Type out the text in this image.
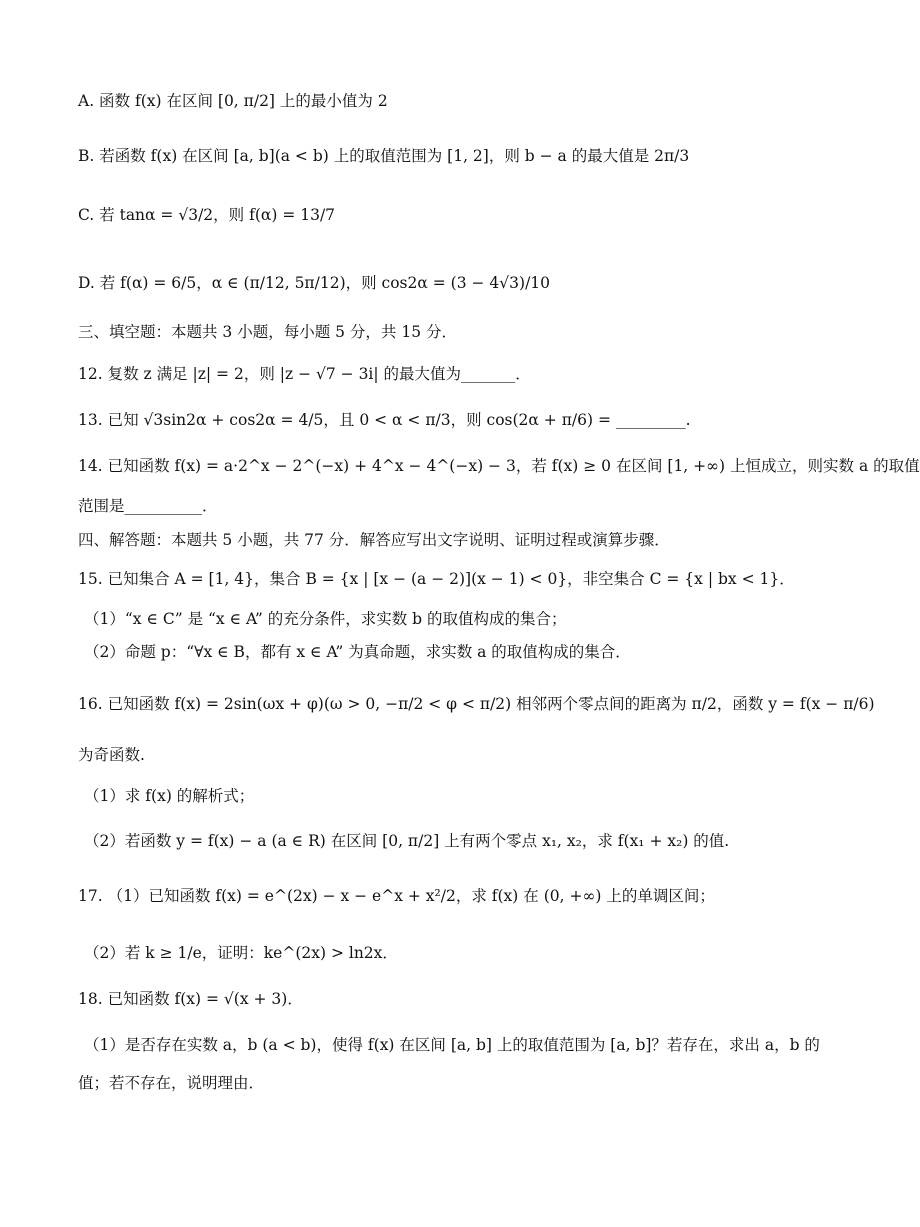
A. 函数 f(x) 在区间 [0, π/2] 上的最小值为 2
B. 若函数 f(x) 在区间 [a, b](a < b) 上的取值范围为 [1, 2]，则 b − a 的最大值是 2π/3
C. 若 tanα = √3/2，则 f(α) = 13/7
D. 若 f(α) = 6/5，α ∈ (π/12, 5π/12)，则 cos2α = (3 − 4√3)/10
三、填空题：本题共 3 小题，每小题 5 分，共 15 分．
12. 复数 z 满足 |z| = 2，则 |z − √7 − 3i| 的最大值为_______．
13. 已知 √3sin2α + cos2α = 4/5，且 0 < α < π/3，则 cos(2α + π/6) = _________.
14. 已知函数 f(x) = a·2^x − 2^(−x) + 4^x − 4^(−x) − 3，若 f(x) ≥ 0 在区间 [1, +∞) 上恒成立，则实数 a 的取值
范围是__________．
四、解答题：本题共 5 小题，共 77 分．解答应写出文字说明、证明过程或演算步骤．
15. 已知集合 A = [1, 4}，集合 B = {x | [x − (a − 2)](x − 1) < 0}，非空集合 C = {x | bx < 1}．
（1）“x ∈ C” 是 “x ∈ A” 的充分条件，求实数 b 的取值构成的集合；
（2）命题 p：“∀x ∈ B，都有 x ∈ A” 为真命题，求实数 a 的取值构成的集合．
16. 已知函数 f(x) = 2sin(ωx + φ)(ω > 0, −π/2 < φ < π/2) 相邻两个零点间的距离为 π/2，函数 y = f(x − π/6)
为奇函数.
（1）求 f(x) 的解析式；
（2）若函数 y = f(x) − a (a ∈ R) 在区间 [0, π/2] 上有两个零点 x₁, x₂，求 f(x₁ + x₂) 的值.
17. （1）已知函数 f(x) = e^(2x) − x − e^x + x²/2，求 f(x) 在 (0, +∞) 上的单调区间；
（2）若 k ≥ 1/e，证明：ke^(2x) > ln2x．
18. 已知函数 f(x) = √(x + 3)．
（1）是否存在实数 a，b (a < b)，使得 f(x) 在区间 [a, b] 上的取值范围为 [a, b]？若存在，求出 a，b 的
值；若不存在，说明理由．
